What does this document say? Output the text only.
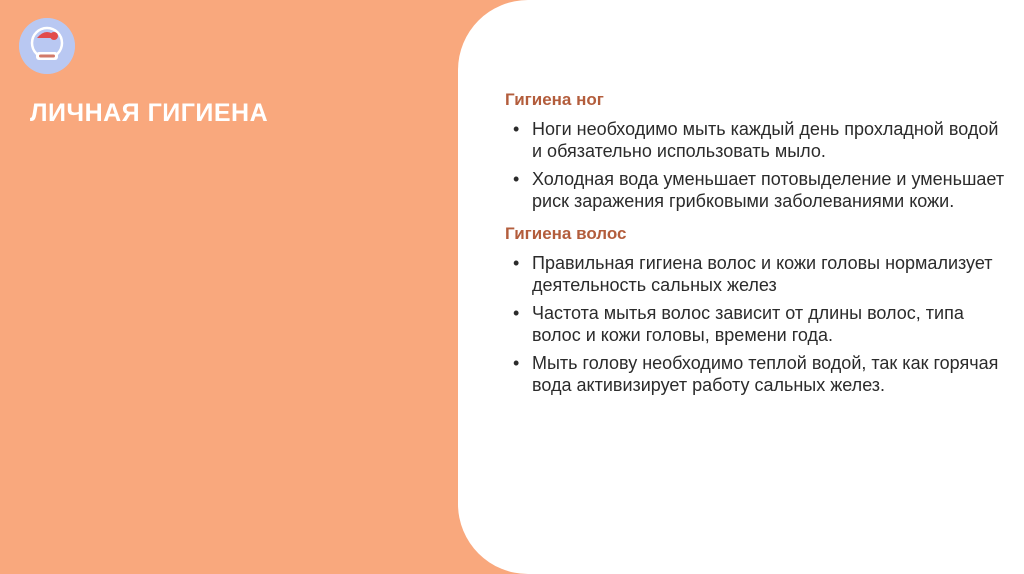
ЛИЧНАЯ ГИГИЕНА	Гигиена ног
• Ноги необходимо мыть каждый день прохладной водой и обязательно использовать мыло.
• Холодная вода уменьшает потовыделение и уменьшает риск заражения грибковыми заболеваниями кожи.
Гигиена волос
• Правильная гигиена волос и кожи головы нормализует деятельность сальных желез
• Частота мытья волос зависит от длины волос, типа волос и кожи головы, времени года.
• Мыть голову необходимо теплой водой, так как горячая вода активизирует работу сальных желез.
